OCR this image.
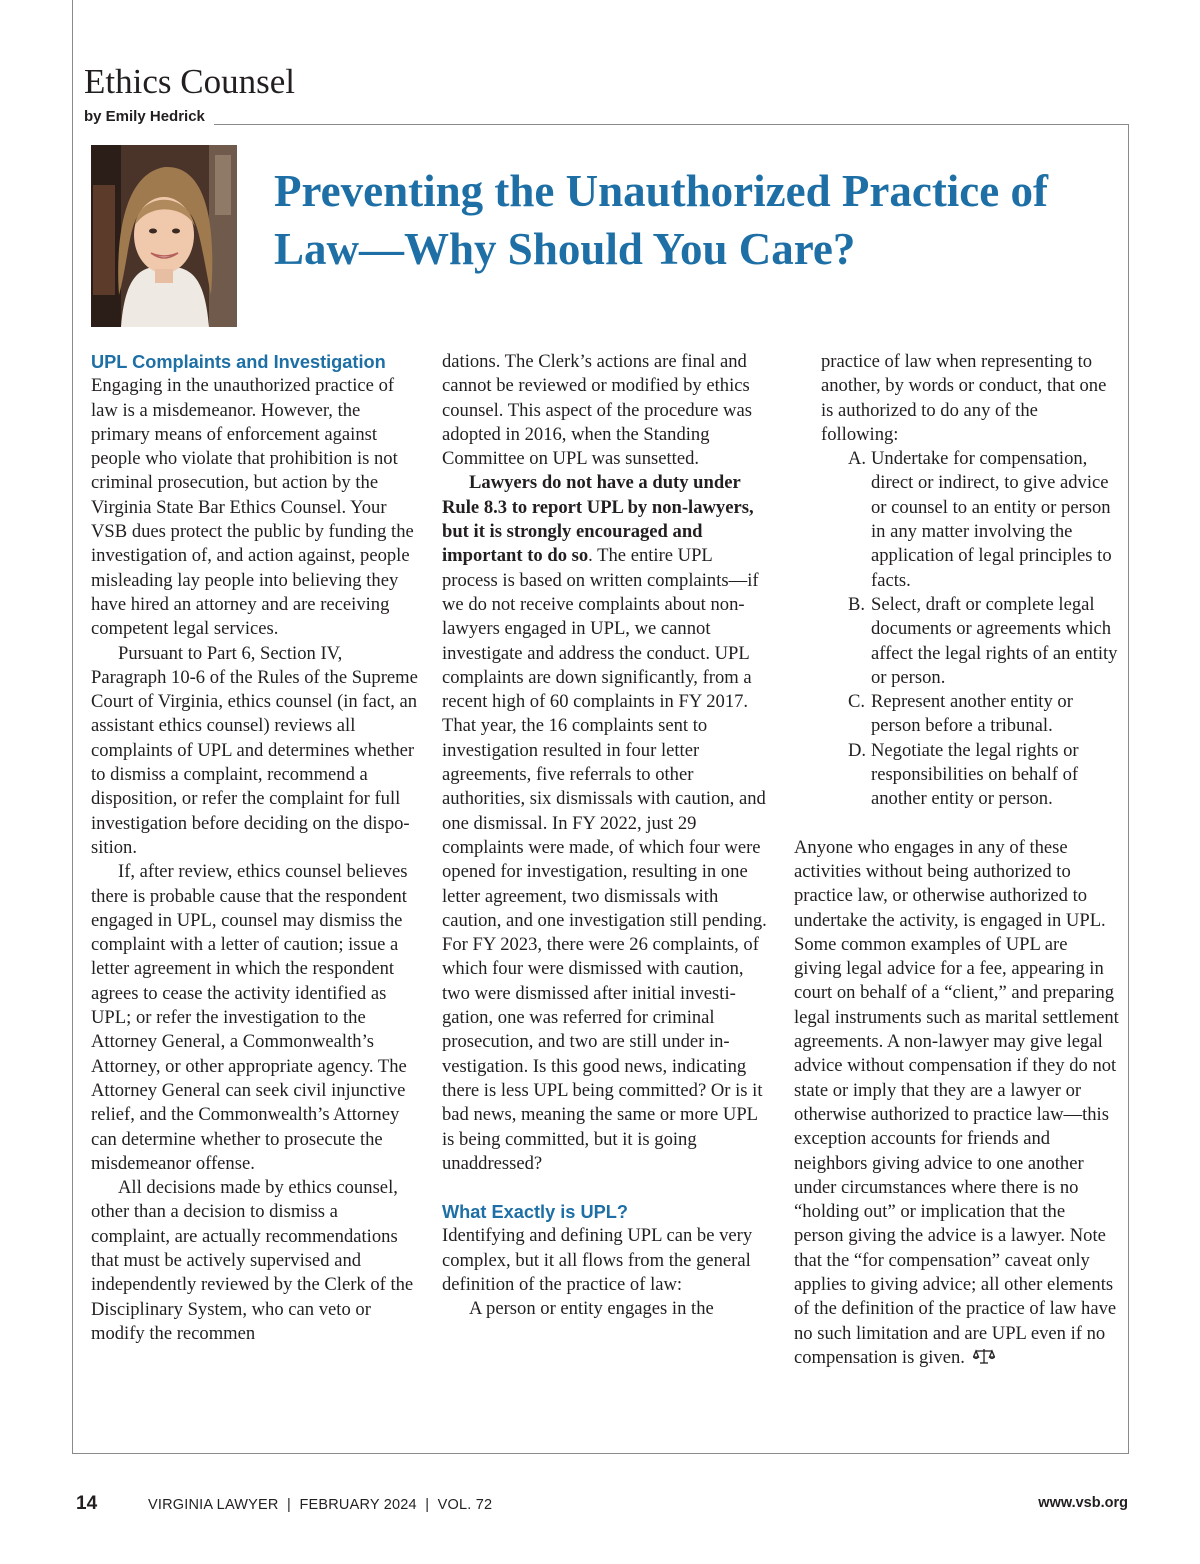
Ethics Counsel
by Emily Hedrick
Preventing the Unauthorized Practice of Law—Why Should You Care?
UPL Complaints and Investigation

Engaging in the unauthorized practice of law is a misdemeanor. However, the primary means of enforcement against people who violate that prohibition is not criminal prosecution, but action by the Virginia State Bar Ethics Counsel. Your VSB dues protect the public by funding the investigation of, and action against, people misleading lay people into believing they have hired an attorney and are receiving competent legal services.

Pursuant to Part 6, Section IV, Paragraph 10-6 of the Rules of the Supreme Court of Virginia, ethics counsel (in fact, an assistant ethics counsel) reviews all complaints of UPL and determines whether to dismiss a complaint, recommend a disposition, or refer the complaint for full investigation before deciding on the disposition.

If, after review, ethics counsel believes there is probable cause that the respondent engaged in UPL, counsel may dismiss the complaint with a letter of caution; issue a letter agreement in which the respondent agrees to cease the activity identified as UPL; or refer the investigation to the Attorney General, a Commonwealth’s Attorney, or other appropriate agency. The Attorney General can seek civil injunctive relief, and the Commonwealth’s Attorney can determine whether to prosecute the misdemeanor offense.

All decisions made by ethics counsel, other than a decision to dismiss a complaint, are actually recommendations that must be actively supervised and independently reviewed by the Clerk of the Disciplinary System, who can veto or modify the recommen

dations. The Clerk’s actions are final and cannot be reviewed or modified by ethics counsel. This aspect of the procedure was adopted in 2016, when the Standing Committee on UPL was sunsetted.

Lawyers do not have a duty under Rule 8.3 to report UPL by non-lawyers, but it is strongly encouraged and important to do so. The entire UPL process is based on written complaints—if we do not receive complaints about non-lawyers engaged in UPL, we cannot investigate and address the conduct. UPL complaints are down significantly, from a recent high of 60 complaints in FY 2017. That year, the 16 complaints sent to investigation resulted in four letter agreements, five referrals to other authorities, six dismissals with caution, and one dismissal. In FY 2022, just 29 complaints were made, of which four were opened for investigation, resulting in one letter agreement, two dismissals with caution, and one investigation still pending. For FY 2023, there were 26 complaints, of which four were dismissed with caution, two were dismissed after initial investigation, one was referred for criminal prosecution, and two are still under investigation. Is this good news, indicating there is less UPL being committed? Or is it bad news, meaning the same or more UPL is being committed, but it is going unaddressed?

What Exactly is UPL?

Identifying and defining UPL can be very complex, but it all flows from the general definition of the practice of law:

A person or entity engages in the

practice of law when representing to another, by words or conduct, that one is authorized to do any of the following:

A. Undertake for compensation, direct or indirect, to give advice or counsel to an entity or person in any matter involving the application of legal principles to facts.
B. Select, draft or complete legal documents or agreements which affect the legal rights of an entity or person.
C. Represent another entity or person before a tribunal.
D. Negotiate the legal rights or responsibilities on behalf of another entity or person.

Anyone who engages in any of these activities without being authorized to practice law, or otherwise authorized to undertake the activity, is engaged in UPL. Some common examples of UPL are giving legal advice for a fee, appearing in court on behalf of a “client,” and preparing legal instruments such as marital settlement agreements. A non-lawyer may give legal advice without compensation if they do not state or imply that they are a lawyer or otherwise authorized to practice law—this exception accounts for friends and neighbors giving advice to one another under circumstances where there is no “holding out” or implication that the person giving the advice is a lawyer. Note that the “for compensation” caveat only applies to giving advice; all other elements of the definition of the practice of law have no such limitation and are UPL even if no compensation is given.

14	VIRGINIA LAWYER  |  FEBRUARY 2024  |  VOL. 72	www.vsb.org
